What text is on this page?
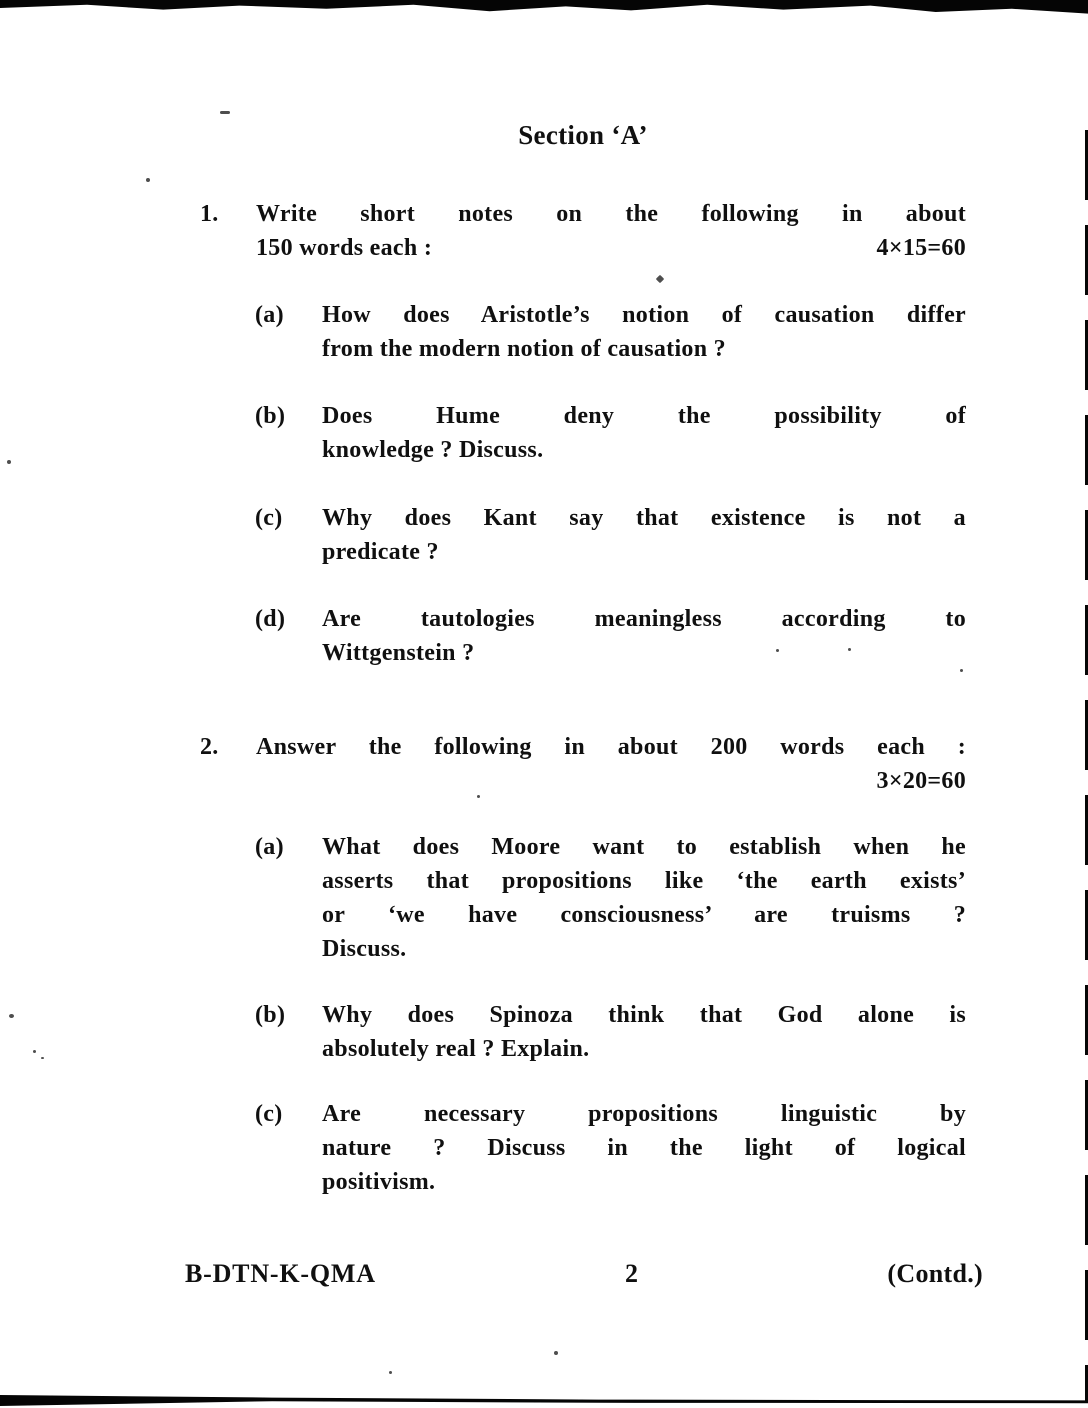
Section ‘A’
1.	Write short notes on the following in about
150 words each :	4×15=60
(a)	How does Aristotle’s notion of causation differ
from the modern notion of causation ?
(b)	Does Hume deny the possibility of
knowledge ? Discuss.
(c)	Why does Kant say that existence is not a
predicate ?
(d)	Are tautologies meaningless according to
Wittgenstein ?
2.	Answer the following in about 200 words each :
3×20=60
(a)	What does Moore want to establish when he
asserts that propositions like ‘the earth exists’
or ‘we have consciousness’ are truisms ?
Discuss.
(b)	Why does Spinoza think that God alone is
absolutely real ? Explain.
(c)	Are necessary propositions linguistic by
nature ? Discuss in the light of logical
positivism.
B-DTN-K-QMA	2	(Contd.)
